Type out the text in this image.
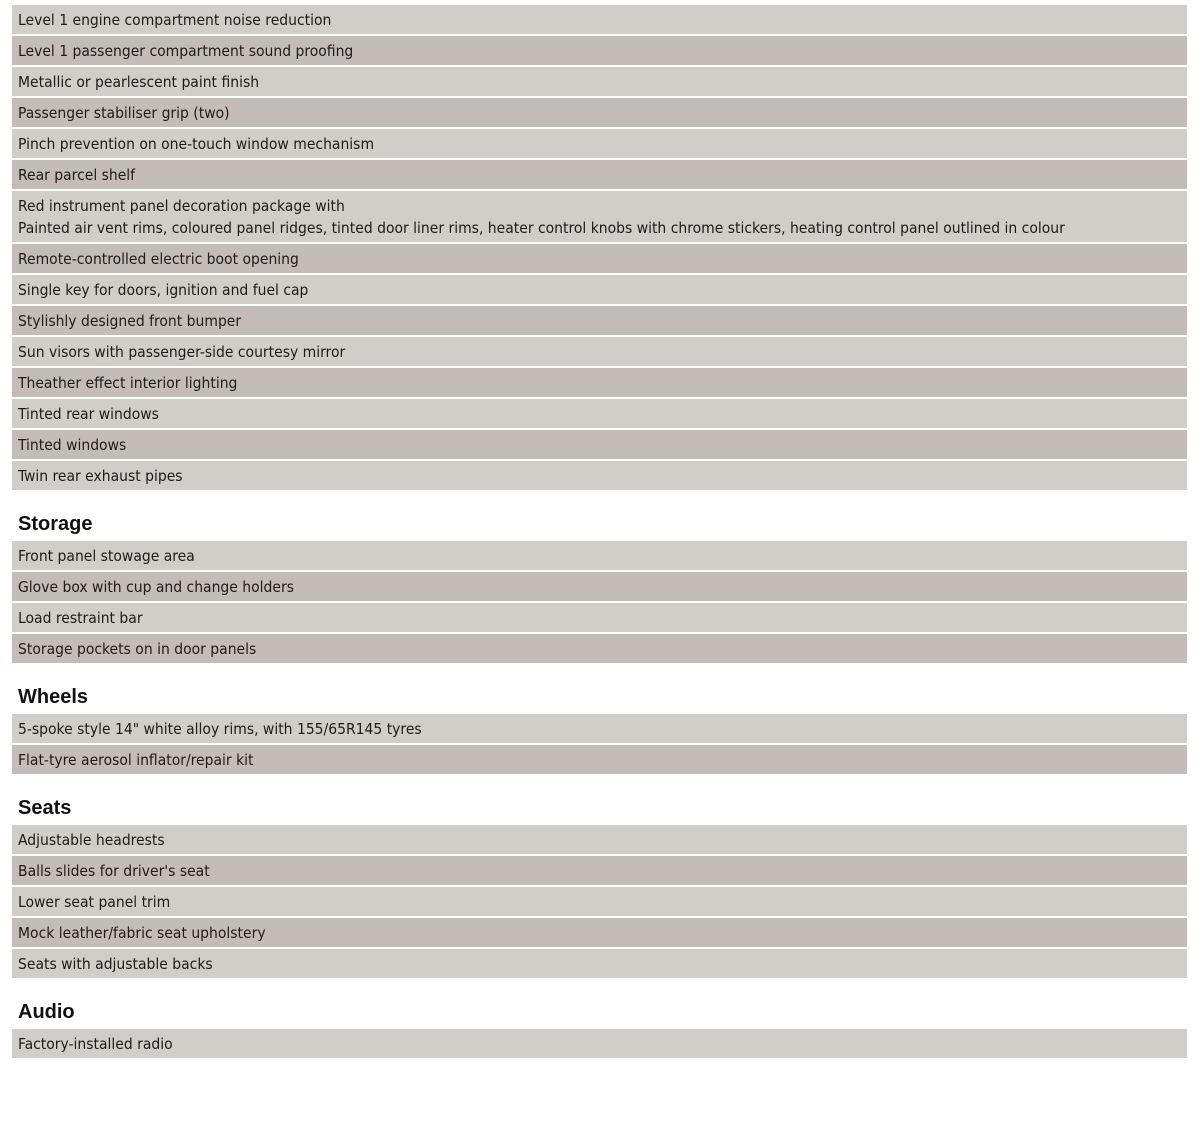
Level 1 engine compartment noise reduction
Level 1 passenger compartment sound proofing
Metallic or pearlescent paint finish
Passenger stabiliser grip (two)
Pinch prevention on one-touch window mechanism
Rear parcel shelf
Red instrument panel decoration package with
Painted air vent rims, coloured panel ridges, tinted door liner rims, heater control knobs with chrome stickers, heating control panel outlined in colour
Remote-controlled electric boot opening
Single key for doors, ignition and fuel cap
Stylishly designed front bumper
Sun visors with passenger-side courtesy mirror
Theather effect interior lighting
Tinted rear windows
Tinted windows
Twin rear exhaust pipes
Storage
Front panel stowage area
Glove box with cup and change holders
Load restraint bar
Storage pockets on in door panels
Wheels
5-spoke style 14" white alloy rims, with 155/65R145 tyres
Flat-tyre aerosol inflator/repair kit
Seats
Adjustable headrests
Balls slides for driver's seat
Lower seat panel trim
Mock leather/fabric seat upholstery
Seats with adjustable backs
Audio
Factory-installed radio
